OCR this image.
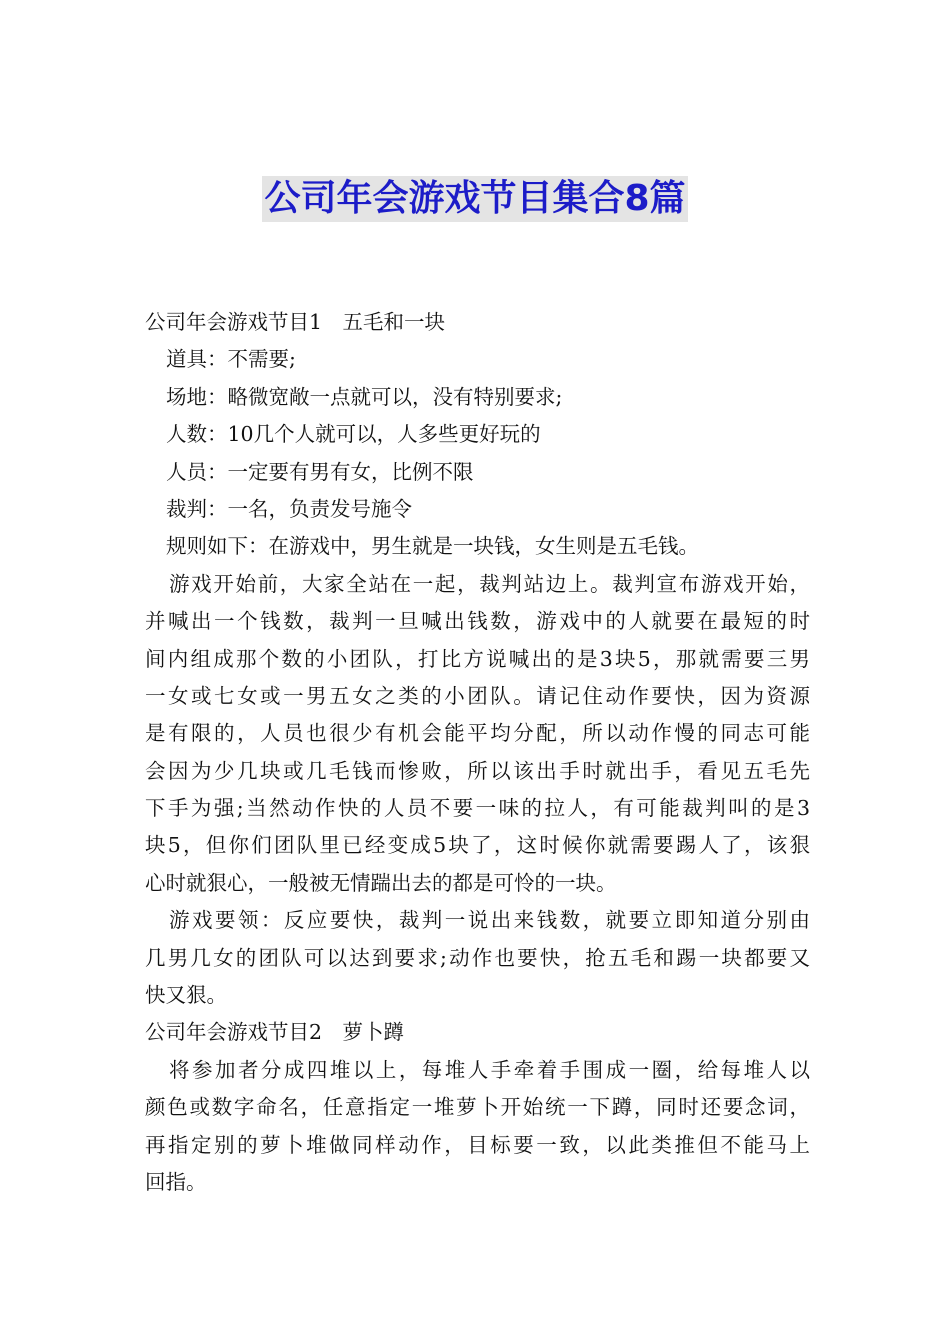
公司年会游戏节目集合8篇
公司年会游戏节目1　五毛和一块
道具：不需要;
场地：略微宽敞一点就可以，没有特别要求;
人数：10几个人就可以，人多些更好玩的
人员：一定要有男有女，比例不限
裁判：一名，负责发号施令
规则如下：在游戏中，男生就是一块钱，女生则是五毛钱。
游戏开始前，大家全站在一起，裁判站边上。裁判宣布游戏开始，
并喊出一个钱数，裁判一旦喊出钱数，游戏中的人就要在最短的时
间内组成那个数的小团队，打比方说喊出的是3块5，那就需要三男
一女或七女或一男五女之类的小团队。请记住动作要快，因为资源
是有限的，人员也很少有机会能平均分配，所以动作慢的同志可能
会因为少几块或几毛钱而惨败，所以该出手时就出手，看见五毛先
下手为强;当然动作快的人员不要一味的拉人，有可能裁判叫的是3
块5，但你们团队里已经变成5块了，这时候你就需要踢人了，该狠
心时就狠心，一般被无情踹出去的都是可怜的一块。
游戏要领：反应要快，裁判一说出来钱数，就要立即知道分别由
几男几女的团队可以达到要求;动作也要快，抢五毛和踢一块都要又
快又狠。
公司年会游戏节目2　萝卜蹲
将参加者分成四堆以上，每堆人手牵着手围成一圈，给每堆人以
颜色或数字命名，任意指定一堆萝卜开始统一下蹲，同时还要念词，
再指定别的萝卜堆做同样动作，目标要一致，以此类推但不能马上
回指。
